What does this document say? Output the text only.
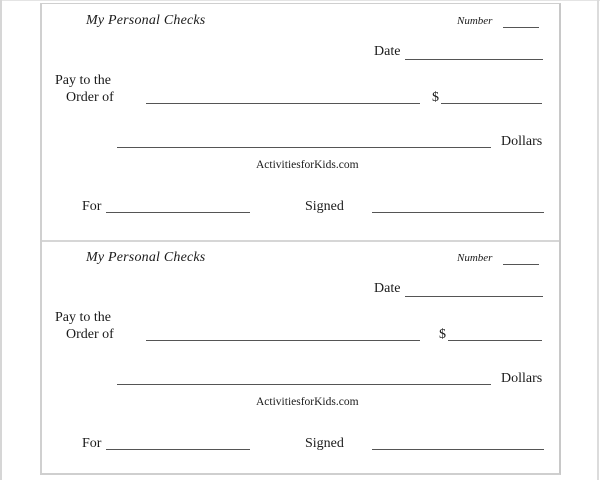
My Personal Checks	Number
Date
Pay to the
Order of	$
Dollars
ActivitiesforKids.com
For	Signed
My Personal Checks	Number
Date
Pay to the
Order of	$
Dollars
ActivitiesforKids.com
For	Signed
